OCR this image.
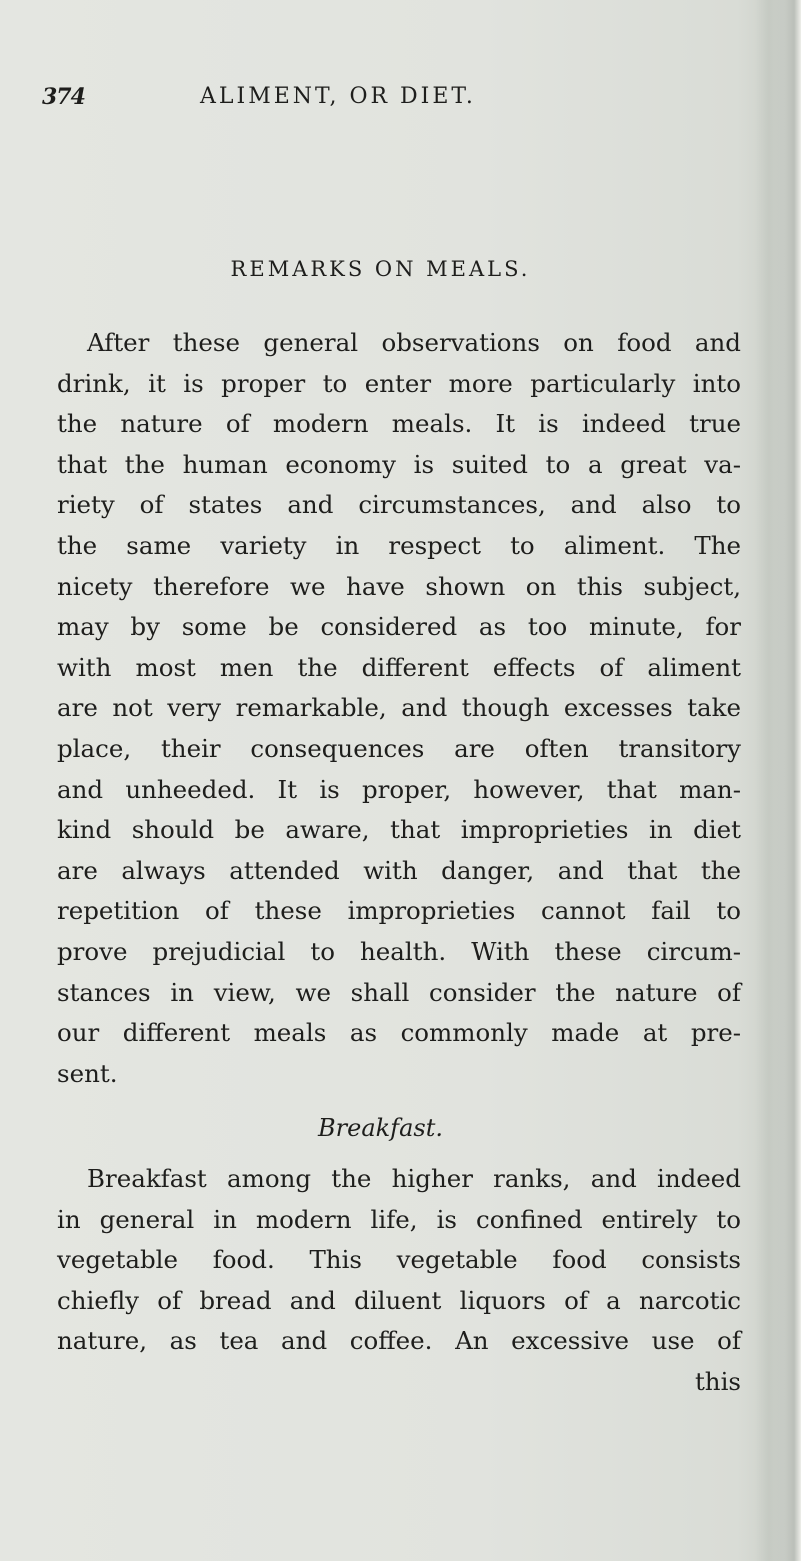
374	ALIMENT, OR DIET.
REMARKS ON MEALS.
After these general observations on food and
drink, it is proper to enter more particularly into
the nature of modern meals. It is indeed true
that the human economy is suited to a great va-
riety of states and circumstances, and also to
the same variety in respect to aliment. The
nicety therefore we have shown on this subject,
may by some be considered as too minute, for
with most men the different effects of aliment
are not very remarkable, and though excesses take
place, their consequences are often transitory
and unheeded. It is proper, however, that man-
kind should be aware, that improprieties in diet
are always attended with danger, and that the
repetition of these improprieties cannot fail to
prove prejudicial to health. With these circum-
stances in view, we shall consider the nature of
our different meals as commonly made at pre-
sent.
Breakfast.
Breakfast among the higher ranks, and indeed
in general in modern life, is confined entirely to
vegetable food. This vegetable food consists
chiefly of bread and diluent liquors of a narcotic
nature, as tea and coffee. An excessive use of
this
